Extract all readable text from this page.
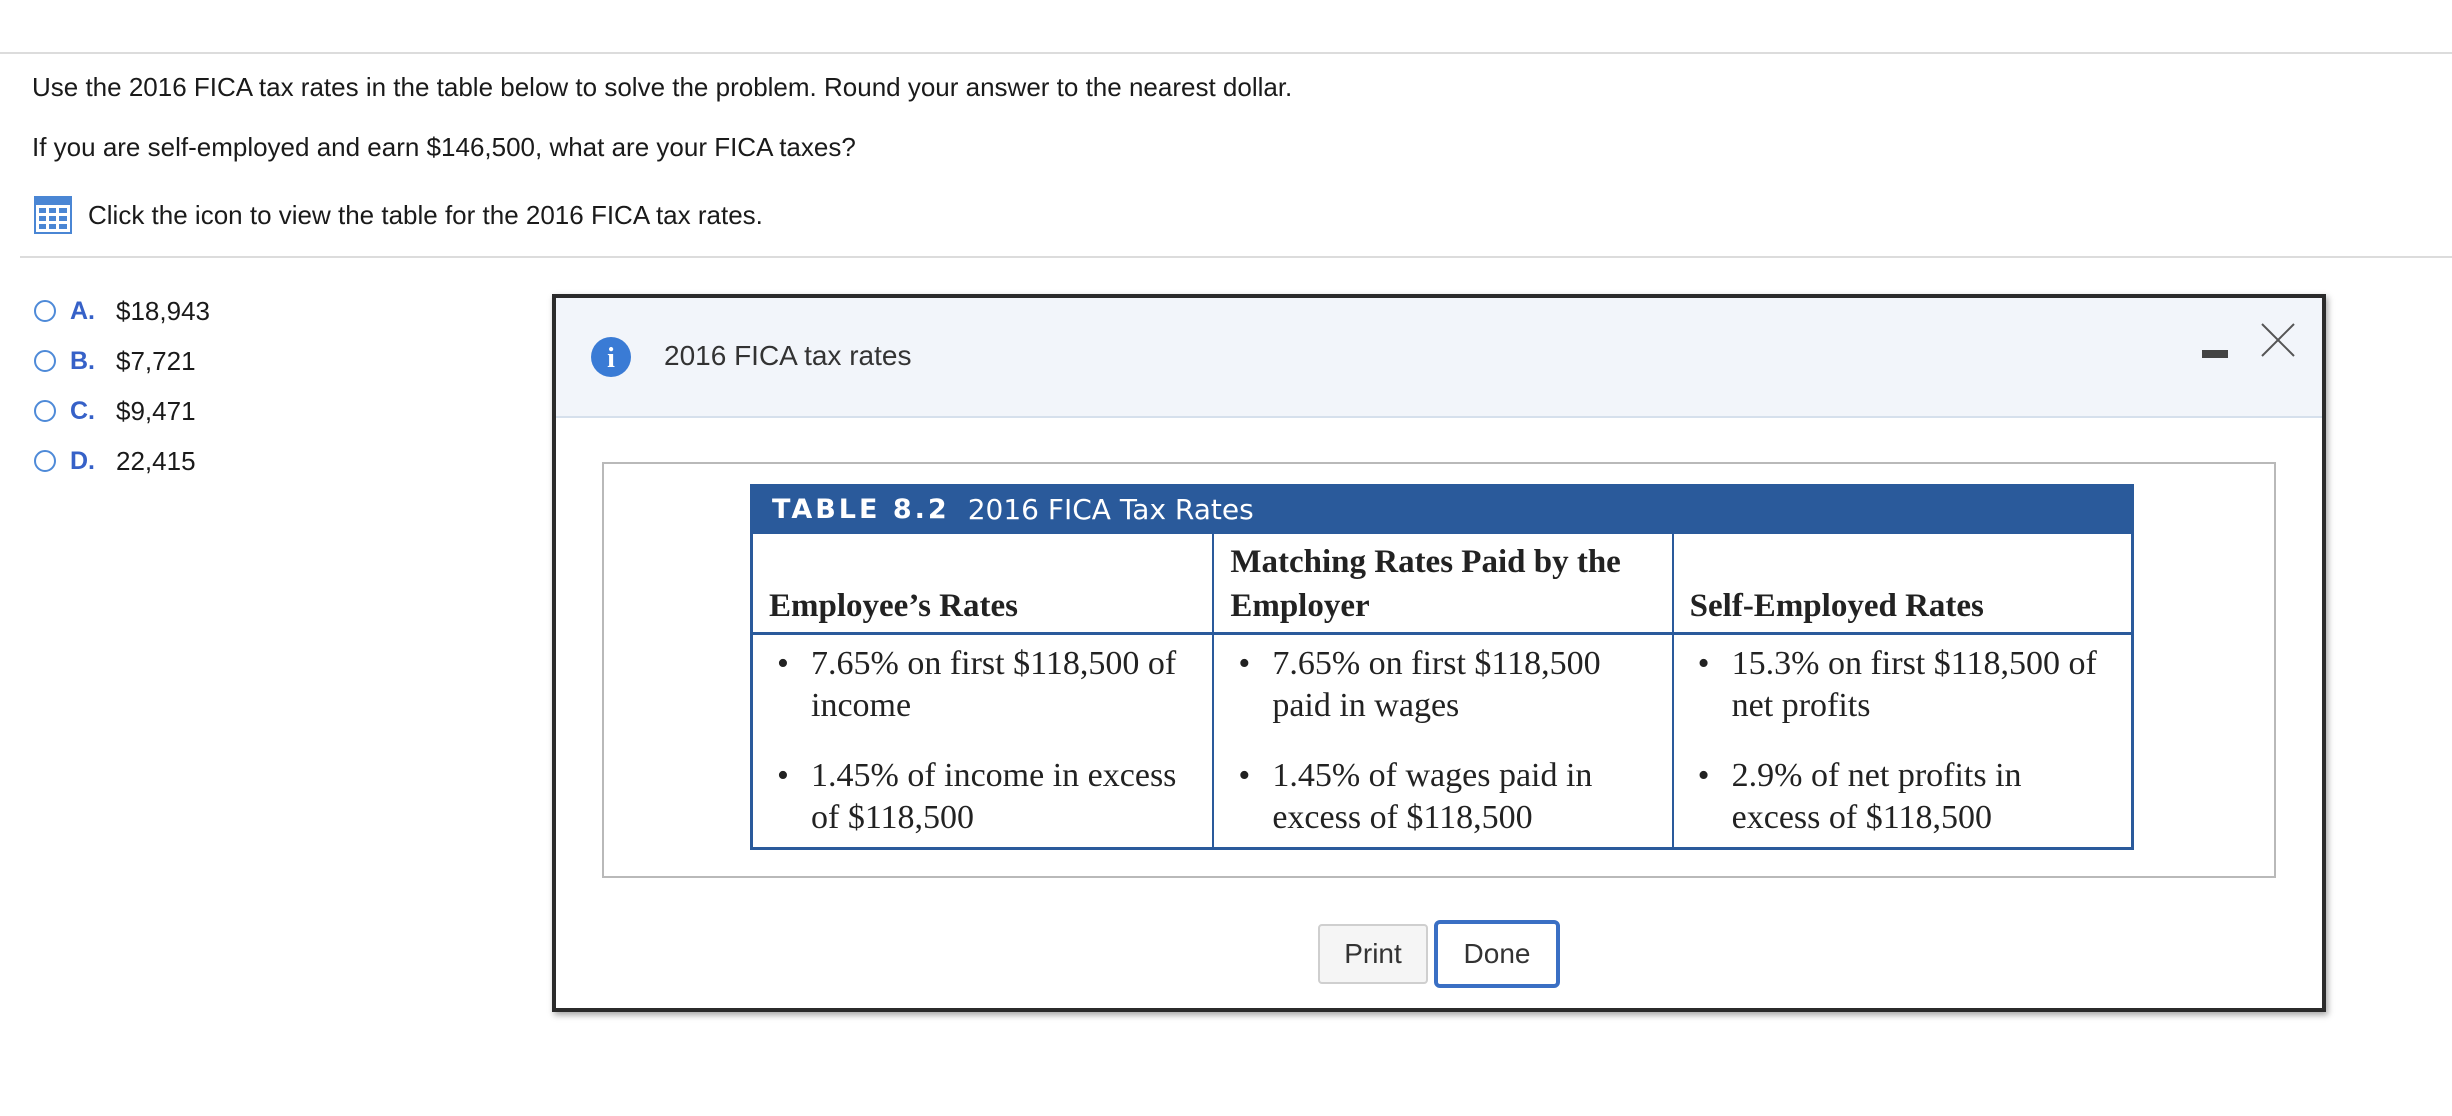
Use the 2016 FICA tax rates in the table below to solve the problem. Round your answer to the nearest dollar.
If you are self-employed and earn $146,500, what are your FICA taxes?
Click the icon to view the table for the 2016 FICA tax rates.
A. $18,943
B. $7,721
C. $9,471
D. 22,415
i 2016 FICA tax rates
TABLE 8.2 2016 FICA Tax Rates
Employee’s Rates
Matching Rates Paid by the Employer	Self-Employed Rates
• 7.65% on first $118,500 of income
• 1.45% of income in excess of $118,500
• 7.65% on first $118,500 paid in wages
• 1.45% of wages paid in excess of $118,500
• 15.3% on first $118,500 of net profits
• 2.9% of net profits in excess of $118,500
Print	Done
